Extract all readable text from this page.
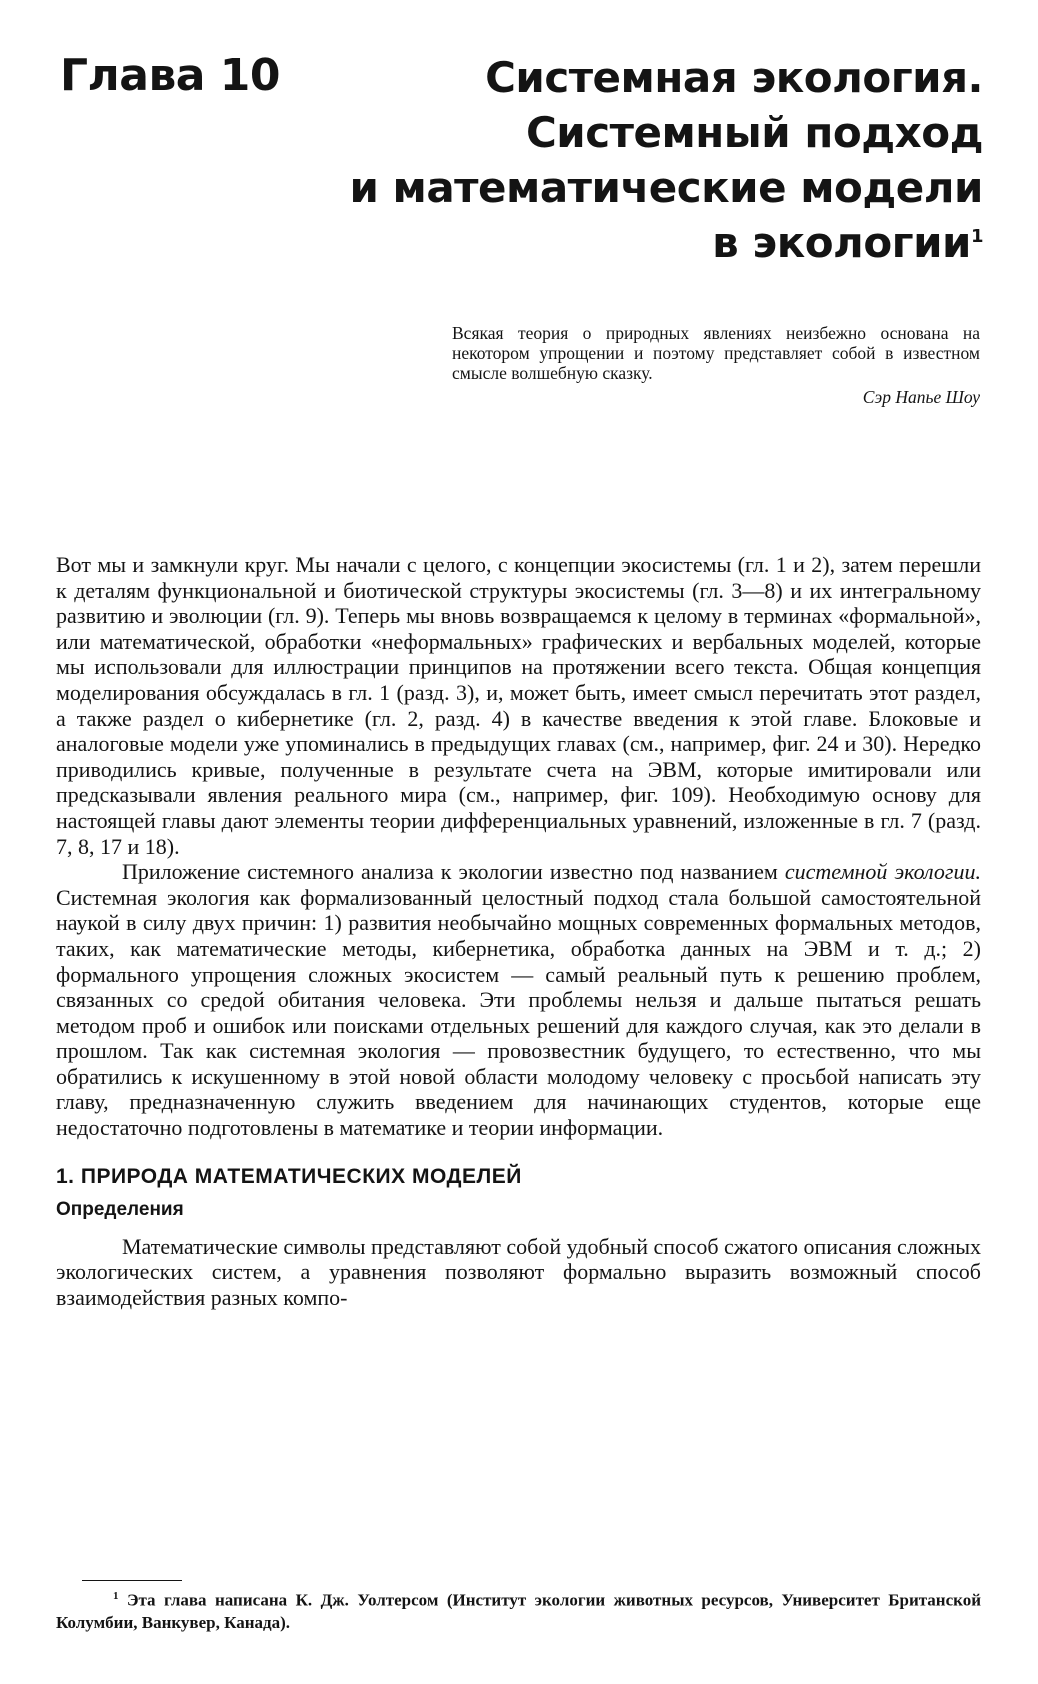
Глава 10	Системная экология.
Системный подход
и математические модели
в экологии$^1$

Всякая теория о природных явлениях неизбежно основана на некотором упрощении и поэтому представляет собой в известном смысле волшебную сказку.

Сэр Напье Шоу

Вот мы и замкнули круг. Мы начали с целого, с концепции экосистемы (гл. 1 и 2), затем перешли к деталям функциональной и биотической структуры экосистемы (гл. 3—8) и их интегральному развитию и эволюции (гл. 9). Теперь мы вновь возвращаемся к целому в терминах «формальной», или математической, обработки «неформальных» графических и вербальных моделей, которые мы использовали для иллюстрации принципов на протяжении всего текста. Общая концепция моделирования обсуждалась в гл. 1 (разд. 3), и, может быть, имеет смысл перечитать этот раздел, а также раздел о кибернетике (гл. 2, разд. 4) в качестве введения к этой главе. Блоковые и аналоговые модели уже упоминались в предыдущих главах (см., например, фиг. 24 и 30). Нередко приводились кривые, полученные в результате счета на ЭВМ, которые имитировали или предсказывали явления реального мира (см., например, фиг. 109). Необходимую основу для настоящей главы дают элементы теории дифференциальных уравнений, изложенные в гл. 7 (разд. 7, 8, 17 и 18).

Приложение системного анализа к экологии известно под названием системной экологии. Системная экология как формализованный целостный подход стала большой самостоятельной наукой в силу двух причин: 1) развития необычайно мощных современных формальных методов, таких, как математические методы, кибернетика, обработка данных на ЭВМ и т. д.; 2) формального упрощения сложных экосистем — самый реальный путь к решению проблем, связанных со средой обитания человека. Эти проблемы нельзя и дальше пытаться решать методом проб и ошибок или поисками отдельных решений для каждого случая, как это делали в прошлом. Так как системная экология — провозвестник будущего, то естественно, что мы обратились к искушенному в этой новой области молодому человеку с просьбой написать эту главу, предназначенную служить введением для начинающих студентов, которые еще недостаточно подготовлены в математике и теории информации.

1. ПРИРОДА МАТЕМАТИЧЕСКИХ МОДЕЛЕЙ
Определения

Математические символы представляют собой удобный способ сжатого описания сложных экологических систем, а уравнения позволяют формально выразить возможный способ взаимодействия разных компо-

$^1$ Эта глава написана К. Дж. Уолтерсом (Институт экологии животных ресурсов, Университет Британской Колумбии, Ванкувер, Канада).
